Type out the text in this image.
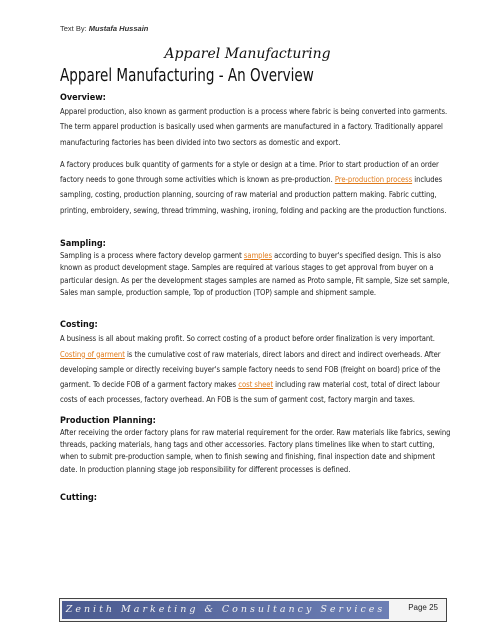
Text By: Mustafa Hussain
Apparel Manufacturing
Apparel Manufacturing - An Overview
Overview:

Apparel production, also known as garment production is a process where fabric is being converted into garments. The term apparel production is basically used when garments are manufactured in a factory. Traditionally apparel manufacturing factories has been divided into two sectors as domestic and export.

A factory produces bulk quantity of garments for a style or design at a time. Prior to start production of an order factory needs to gone through some activities which is known as pre-production. Pre-production process includes sampling, costing, production planning, sourcing of raw material and production pattern making. Fabric cutting, printing, embroidery, sewing, thread trimming, washing, ironing, folding and packing are the production functions.

Sampling:

Sampling is a process where factory develop garment samples according to buyer's specified design. This is also known as product development stage. Samples are required at various stages to get approval from buyer on a particular design. As per the development stages samples are named as Proto sample, Fit sample, Size set sample, Sales man sample, production sample, Top of production (TOP) sample and shipment sample.

Costing:

A business is all about making profit. So correct costing of a product before order finalization is very important. Costing of garment is the cumulative cost of raw materials, direct labors and direct and indirect overheads. After developing sample or directly receiving buyer's sample factory needs to send FOB (freight on board) price of the garment. To decide FOB of a garment factory makes cost sheet including raw material cost, total of direct labour costs of each processes, factory overhead. An FOB is the sum of garment cost, factory margin and taxes.

Production Planning:

After receiving the order factory plans for raw material requirement for the order. Raw materials like fabrics, sewing threads, packing materials, hang tags and other accessories. Factory plans timelines like when to start cutting, when to submit pre-production sample, when to finish sewing and finishing, final inspection date and shipment date. In production planning stage job responsibility for different processes is defined.

Cutting:
Zenith Marketing & Consultancy Services	Page 25
